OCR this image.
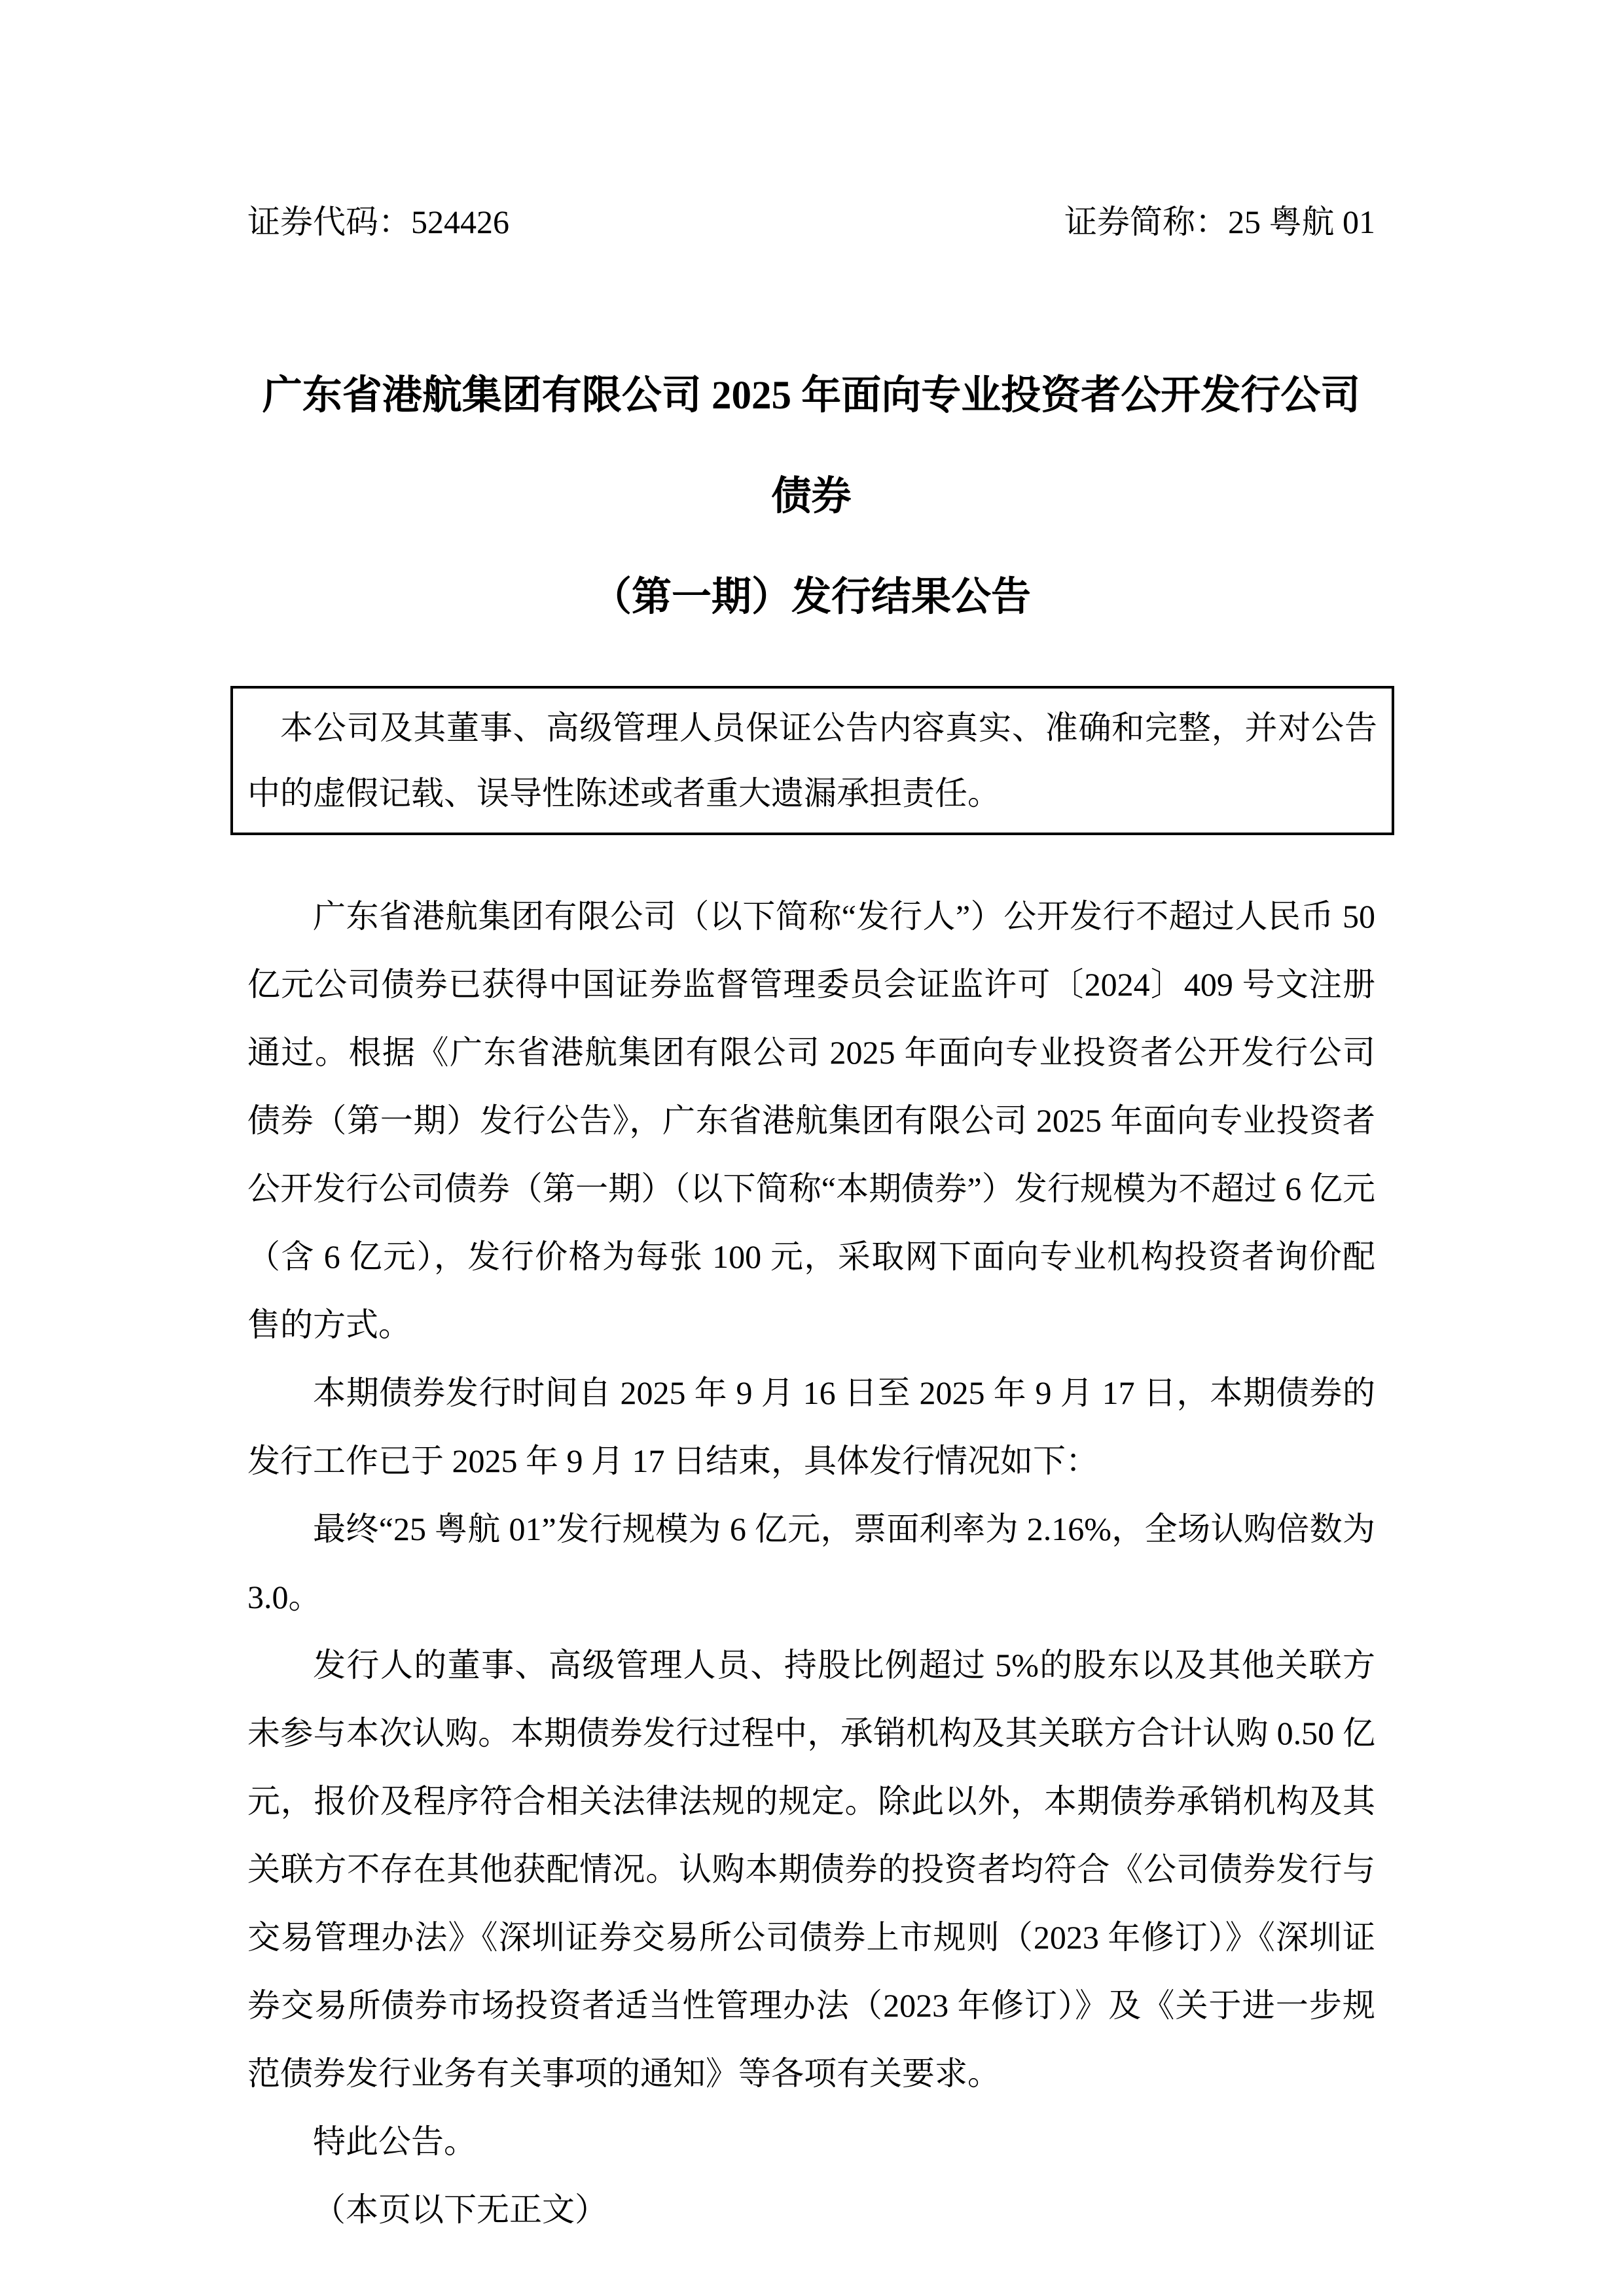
证券代码：524426	证券简称：25 粤航 01
广东省港航集团有限公司 2025 年面向专业投资者公开发行公司债券
（第一期）发行结果公告

本公司及其董事、高级管理人员保证公告内容真实、准确和完整，并对公告中的虚假记载、误导性陈述或者重大遗漏承担责任。

广东省港航集团有限公司（以下简称“发行人”）公开发行不超过人民币 50 亿元公司债券已获得中国证券监督管理委员会证监许可〔2024〕409 号文注册通过。根据《广东省港航集团有限公司 2025 年面向专业投资者公开发行公司债券（第一期）发行公告》，广东省港航集团有限公司 2025 年面向专业投资者公开发行公司债券（第一期）（以下简称“本期债券”）发行规模为不超过 6 亿元（含 6 亿元），发行价格为每张 100 元，采取网下面向专业机构投资者询价配售的方式。

本期债券发行时间自 2025 年 9 月 16 日至 2025 年 9 月 17 日，本期债券的发行工作已于 2025 年 9 月 17 日结束，具体发行情况如下：

最终“25 粤航 01”发行规模为 6 亿元，票面利率为 2.16%，全场认购倍数为 3.0。

发行人的董事、高级管理人员、持股比例超过 5%的股东以及其他关联方未参与本次认购。本期债券发行过程中，承销机构及其关联方合计认购 0.50 亿元，报价及程序符合相关法律法规的规定。除此以外，本期债券承销机构及其关联方不存在其他获配情况。认购本期债券的投资者均符合《公司债券发行与交易管理办法》《深圳证券交易所公司债券上市规则（2023 年修订）》《深圳证券交易所债券市场投资者适当性管理办法（2023 年修订）》及《关于进一步规范债券发行业务有关事项的通知》等各项有关要求。

特此公告。

（本页以下无正文）
